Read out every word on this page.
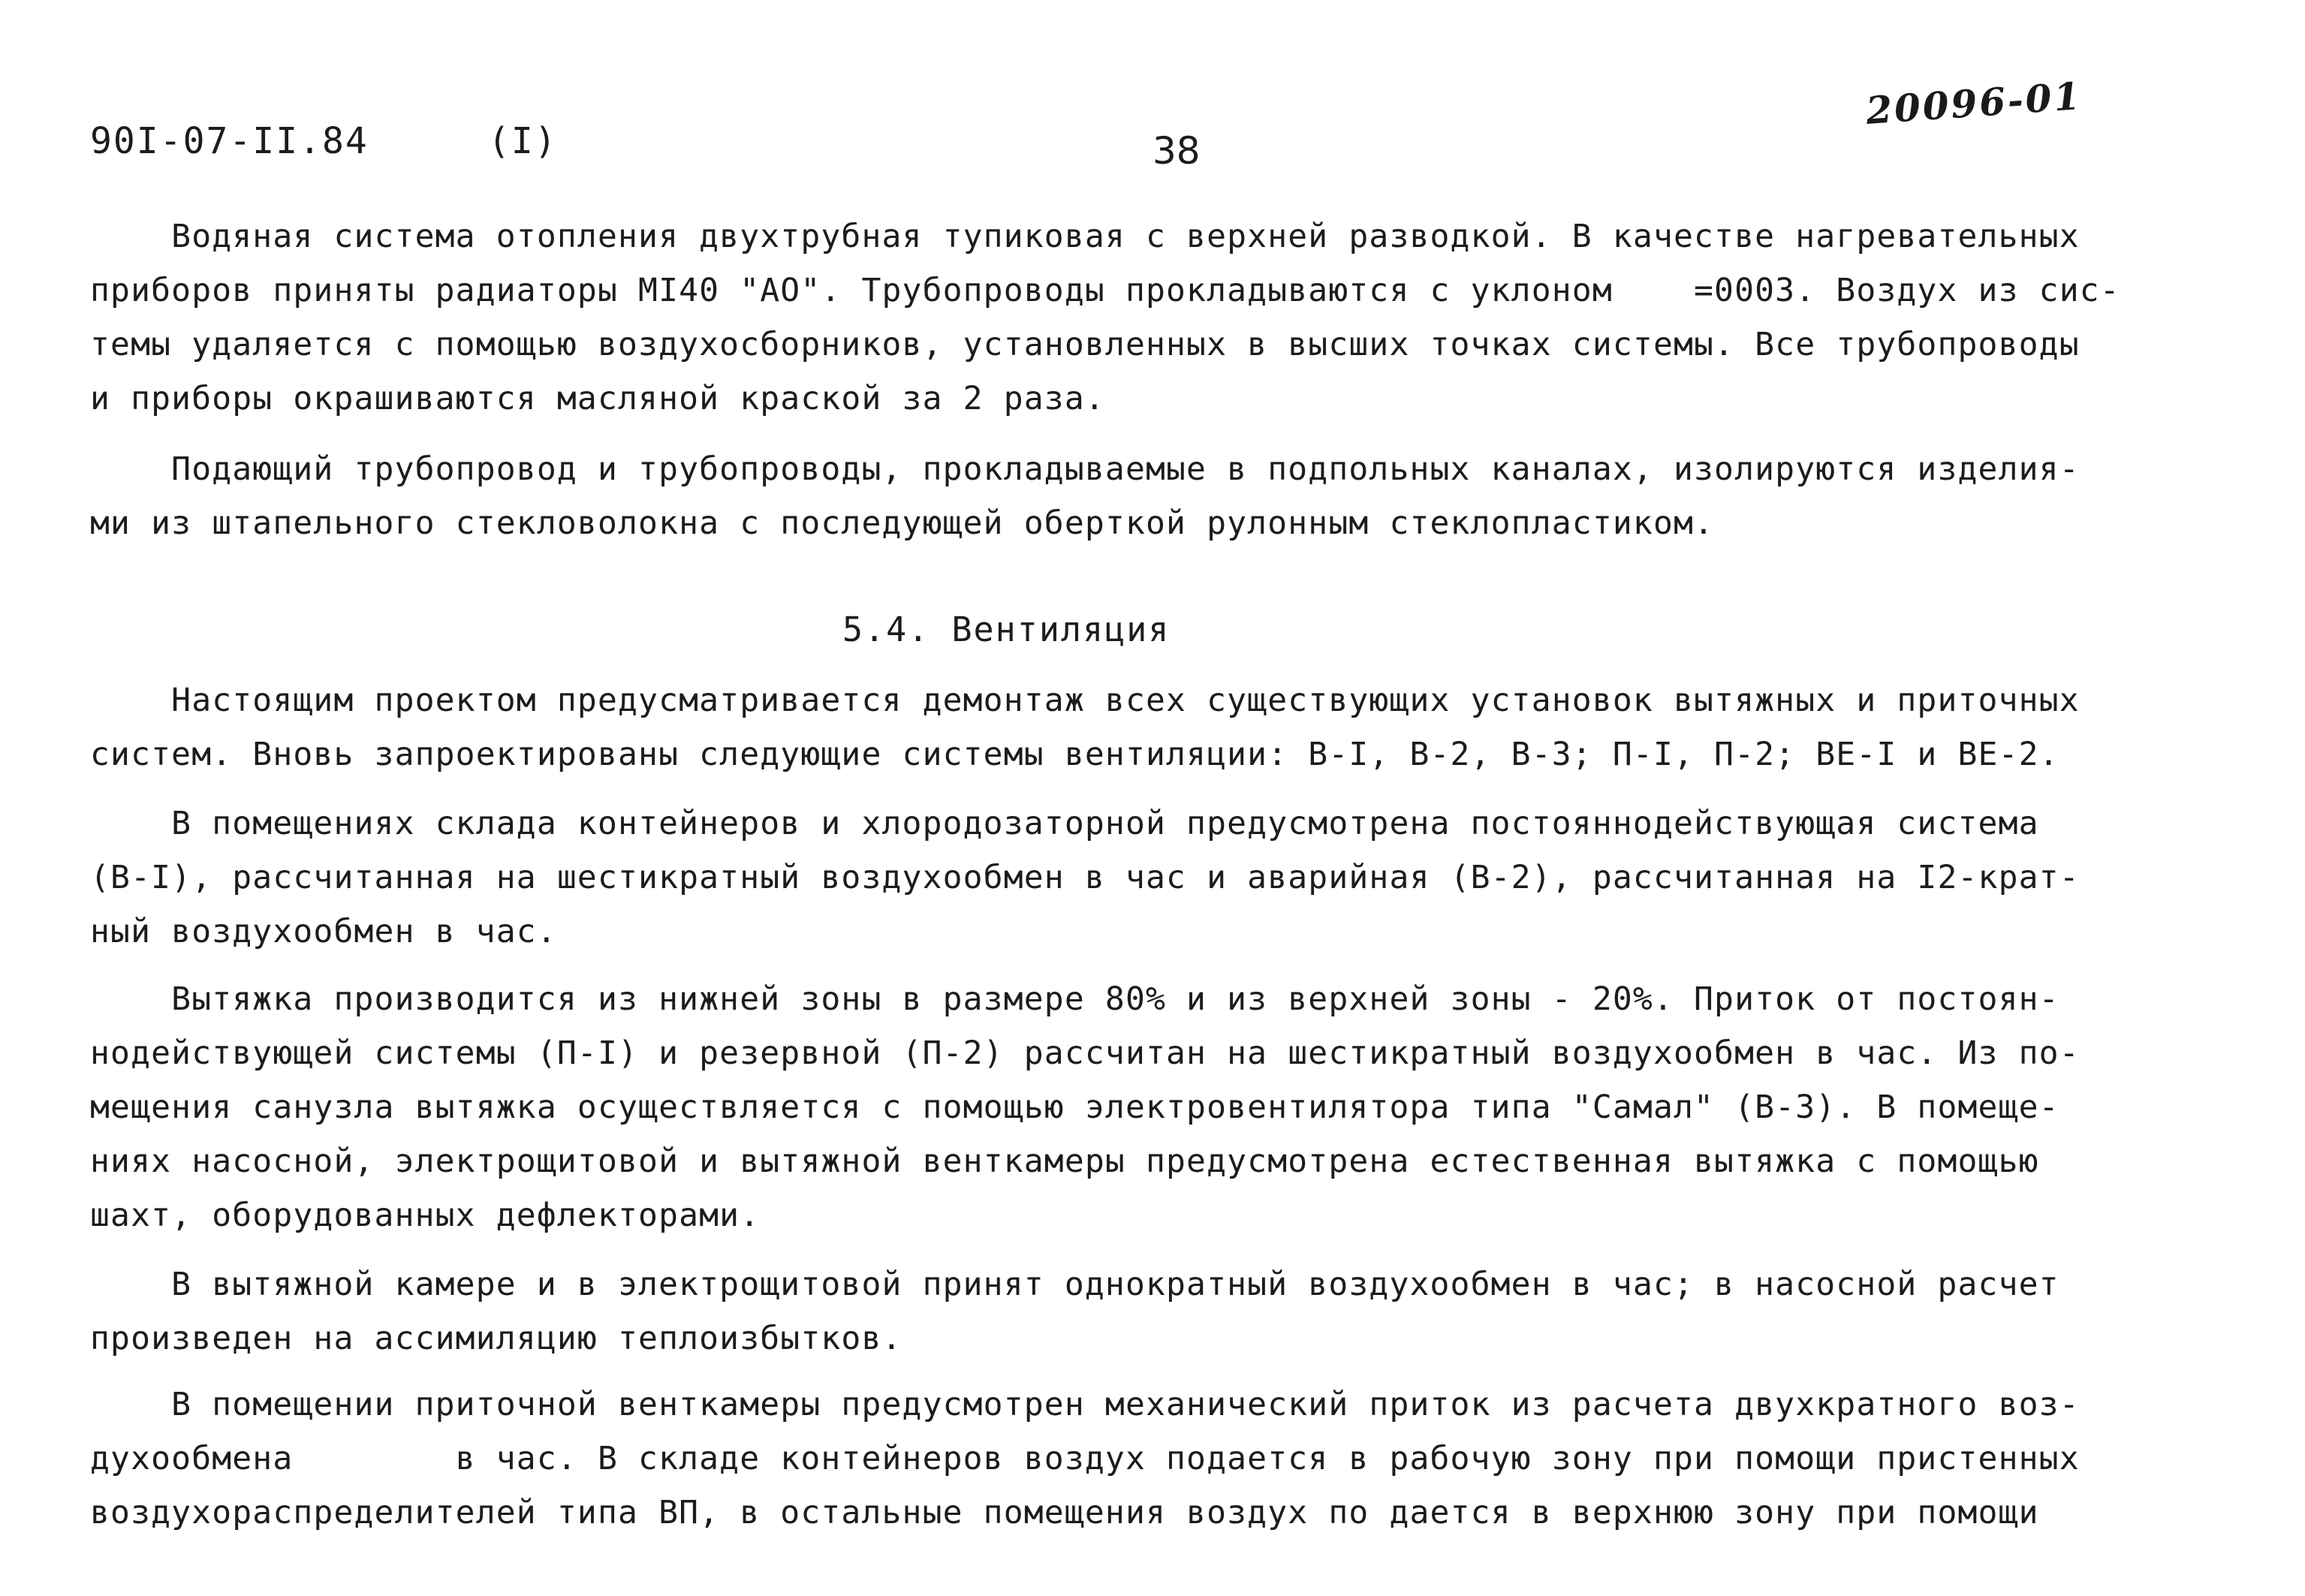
90I-07-II.84	(I)	38
20096-01
Водяная система отопления двухтрубная тупиковая с верхней разводкой. В качестве нагревательных
приборов приняты радиаторы МI40 "АО". Трубопроводы прокладываются с уклоном    =0003. Воздух из сис-
темы удаляется с помощью воздухосборников, установленных в высших точках системы. Все трубопроводы
и приборы окрашиваются масляной краской за 2 раза.
Подающий трубопровод и трубопроводы, прокладываемые в подпольных каналах, изолируются изделия-
ми из штапельного стекловолокна с последующей оберткой рулонным стеклопластиком.
5.4. Вентиляция
Настоящим проектом предусматривается демонтаж всех существующих установок вытяжных и приточных
систем. Вновь запроектированы следующие системы вентиляции: В-I, В-2, В-3; П-I, П-2; ВЕ-I и ВЕ-2.
В помещениях склада контейнеров и хлородозаторной предусмотрена постояннодействующая система
(В-I), рассчитанная на шестикратный воздухообмен в час и аварийная (В-2), рассчитанная на I2-крат-
ный воздухообмен в час.
Вытяжка производится из нижней зоны в размере 80% и из верхней зоны - 20%. Приток от постоян-
нодействующей системы (П-I) и резервной (П-2) рассчитан на шестикратный воздухообмен в час. Из по-
мещения санузла вытяжка осуществляется с помощью электровентилятора типа "Самал" (В-3). В помеще-
ниях насосной, электрощитовой и вытяжной венткамеры предусмотрена естественная вытяжка с помощью
шахт, оборудованных дефлекторами.
В вытяжной камере и в электрощитовой принят однократный воздухообмен в час; в насосной расчет
произведен на ассимиляцию теплоизбытков.
В помещении приточной венткамеры предусмотрен механический приток из расчета двухкратного воз-
духообмена        в час. В складе контейнеров воздух подается в рабочую зону при помощи пристенных
воздухораспределителей типа ВП, в остальные помещения воздух по дается в верхнюю зону при помощи
